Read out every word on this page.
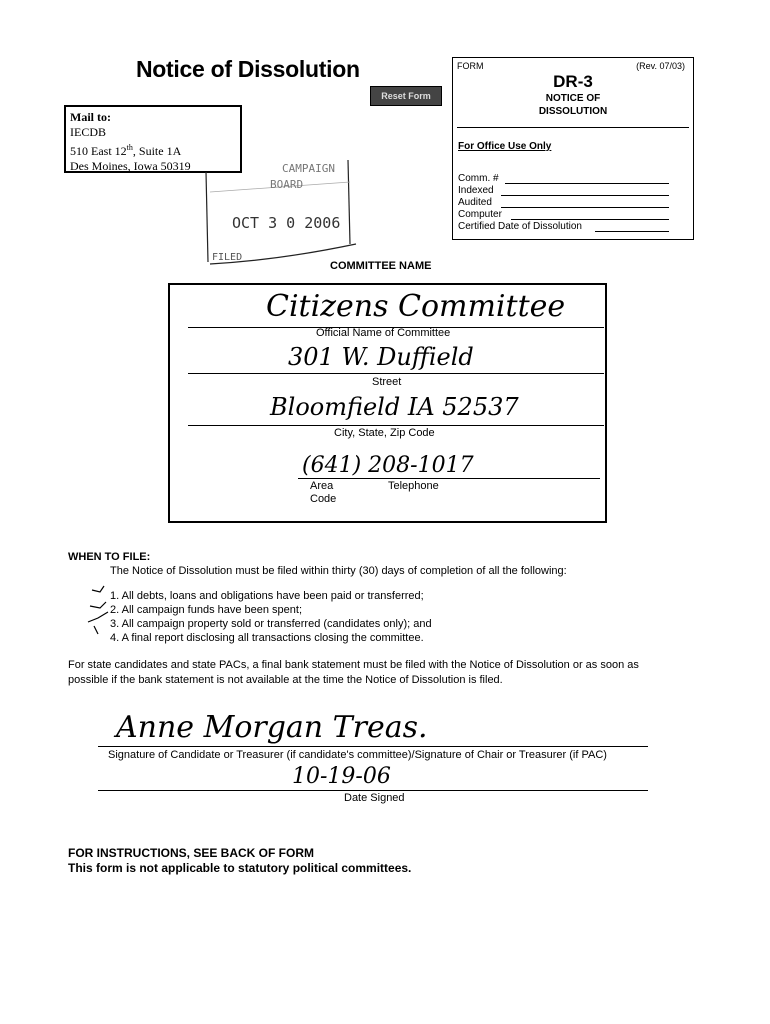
Notice of Dissolution
Reset Form
Mail to:
IECDB
510 East 12th, Suite 1A
Des Moines, Iowa 50319
FORM	(Rev. 07/03)
DR-3
NOTICE OF
DISSOLUTION
For Office Use Only
Comm. #
Indexed
Audited
Computer
Certified Date of Dissolution
CAMPAIGN
BOARD
OCT 3 0 2006
FILED
COMMITTEE NAME
Citizens Committee
Official Name of Committee
301 W. Duffield
Street
Bloomfield IA 52537
City, State, Zip Code
(641) 208-1017
Area
Code
Telephone
WHEN TO FILE:
The Notice of Dissolution must be filed within thirty (30) days of completion of all the following:
1. All debts, loans and obligations have been paid or transferred;
2. All campaign funds have been spent;
3. All campaign property sold or transferred (candidates only); and
4. A final report disclosing all transactions closing the committee.
For state candidates and state PACs, a final bank statement must be filed with the Notice of Dissolution or as soon as
possible if the bank statement is not available at the time the Notice of Dissolution is filed.
Anne Morgan Treas.
Signature of Candidate or Treasurer (if candidate's committee)/Signature of Chair or Treasurer (if PAC)
10-19-06
Date Signed
FOR INSTRUCTIONS, SEE BACK OF FORM
This form is not applicable to statutory political committees.
